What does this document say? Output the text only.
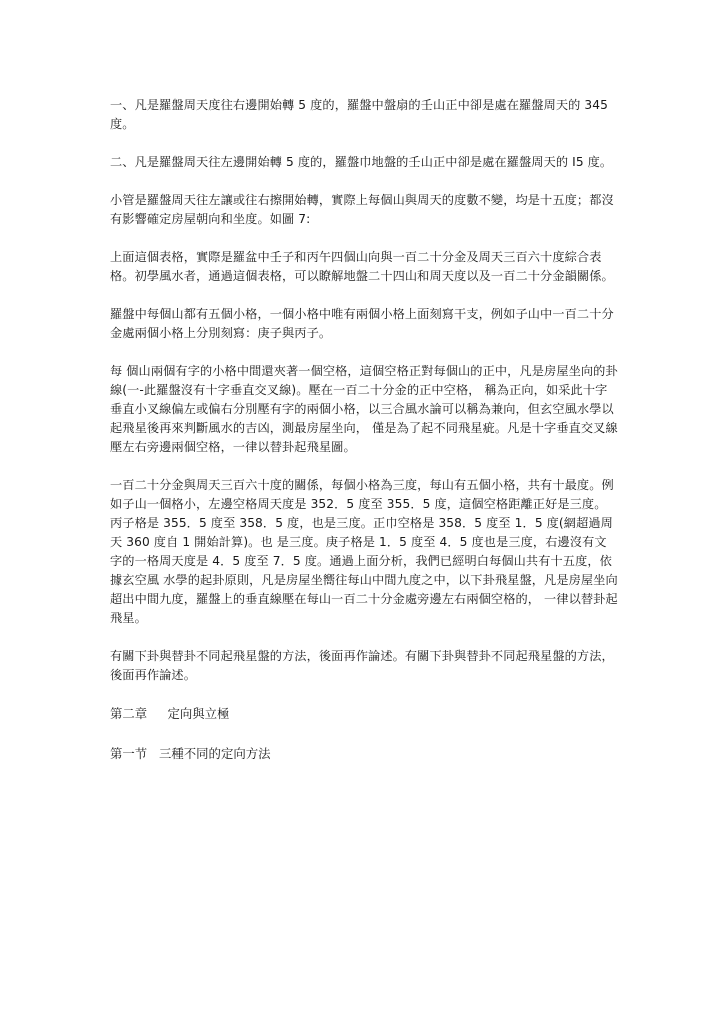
一、凡是羅盤周天度往右邊開始轉 5 度的，羅盤中盤扇的壬山正中卻是處在羅盤周天的 345 度。

二、凡是羅盤周天往左邊開始轉 5 度的，羅盤巾地盤的壬山正中卻是處在羅盤周天的 I5 度。

小管是羅盤周天往左讓或往右擦開始轉，實際上每個山與周天的度數不變，均是十五度；都沒有影響確定房屋朝向和坐度。如圖 7:

上面這個表格，實際是羅盆中壬子和丙午四個山向與一百二十分金及周天三百六十度綜合表格。初學風水者，通過這個表格，可以瞭解地盤二十四山和周天度以及一百二十分金韻關係。

羅盤中每個山都有五個小格，一個小格中唯有兩個小格上面刻寫干支，例如子山中一百二十分金處兩個小格上分別刻寫：庚子與丙子。

每 個山兩個有字的小格中間還夾著一個空格，這個空格正對每個山的正中，凡是房屋坐向的卦線(一-此羅盤沒有十字垂直交叉線)。壓在一百二十分金的正中空格， 稱為正向，如采此十字垂直小叉線偏左或偏右分別壓有字的兩個小格，以三合風水論可以稱為兼向，但玄空風水學以起飛星後再來判斷風水的吉凶，測最房屋坐向， 僅是為了起不同飛星疵。凡是十字垂直交叉線壓左右旁邊兩個空格，一律以替卦起飛星圖。

一百二十分金與周天三百六十度的關係，每個小格為三度，每山有五個小格，共有十最度。例如子山一個格小，左邊空格周天度是 352．5 度至 355．5 度，這個空格距離正好是三度。丙子格是 355．5 度至 358．5 度，也是三度。正巾空格是 358．5 度至 1．5 度(網超過周天 360 度自 1 開始計算)。也 是三度。庚子格是 1．5 度至 4．5 度也是三度，右邊沒有文字的一格周天度是 4．5 度至 7．5 度。通過上面分析，我們已經明白每個山共有十五度，依據玄空風 水學的起卦原則，凡是房屋坐嚮往每山中間九度之中，以下卦飛星盤，凡是房屋坐向超出中間九度，羅盤上的垂直線壓在每山一百二十分金處旁邊左右兩個空格的， 一律以替卦起飛星。

有關下卦與替卦不同起飛星盤的方法，後面再作論述。有關下卦與替卦不同起飛星盤的方法，後面再作論述。

第二章　  定向與立極

第一节   三種不同的定向方法
